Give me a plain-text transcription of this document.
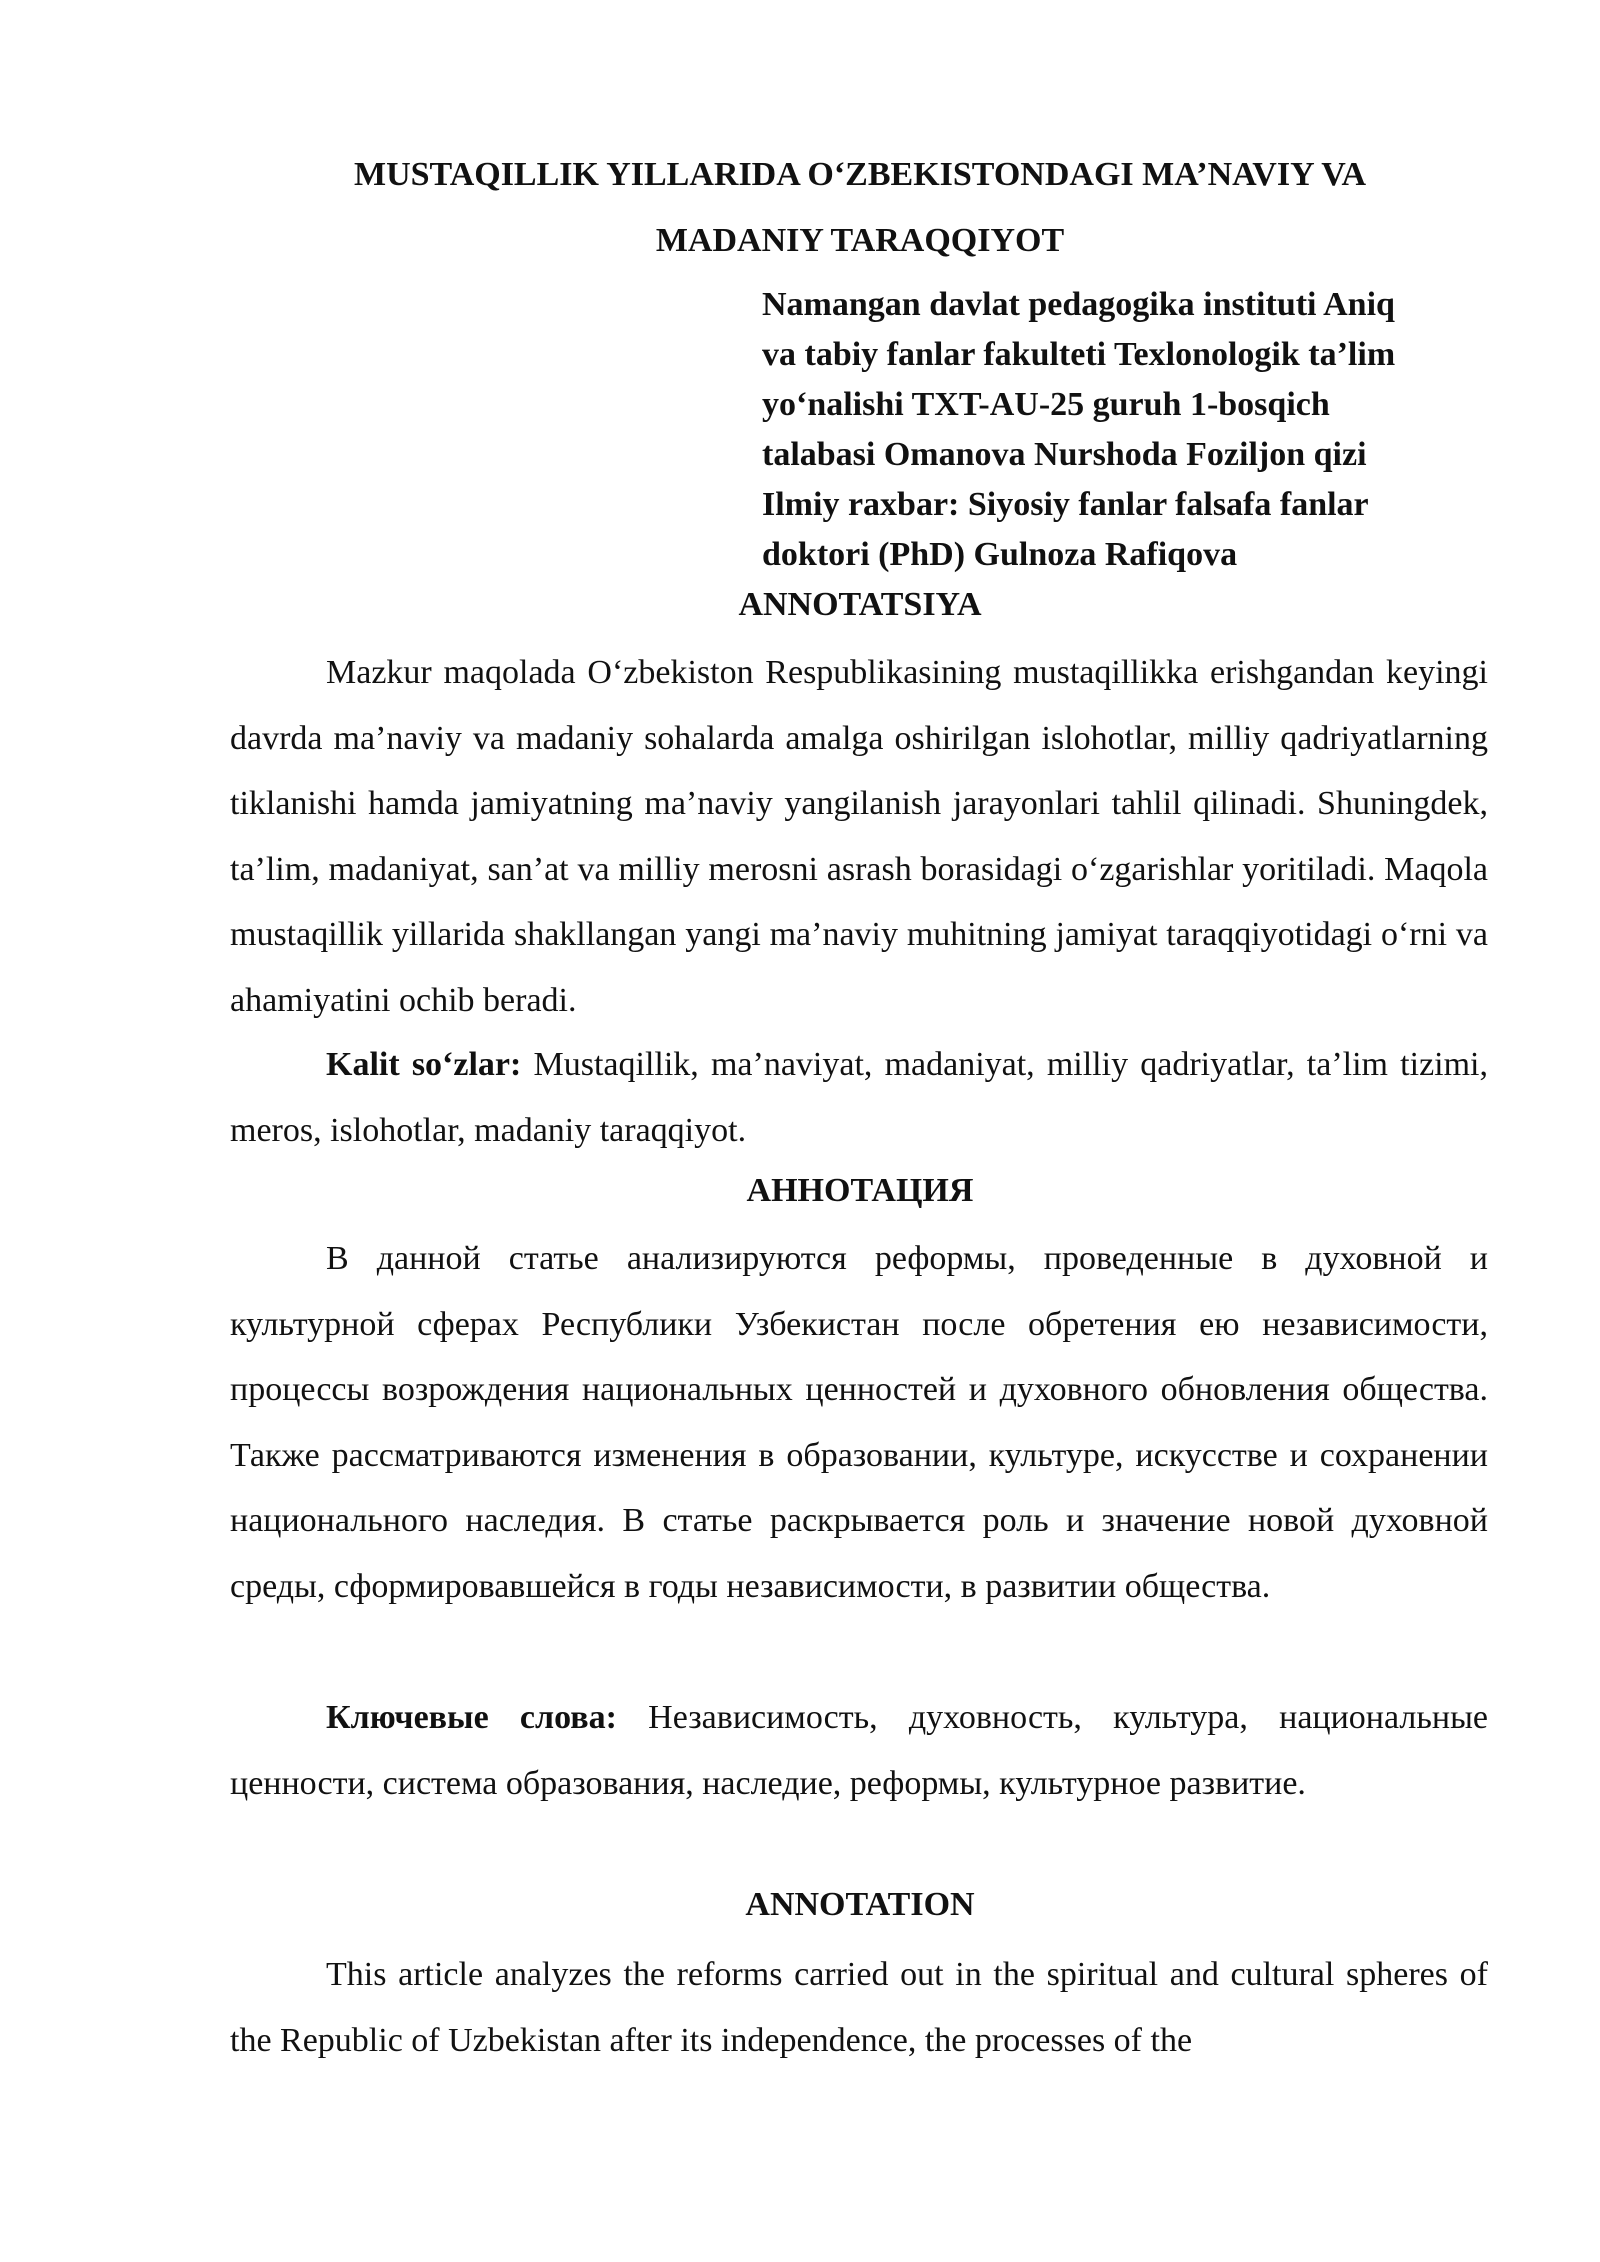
MUSTAQILLIK YILLARIDA O‘ZBEKISTONDAGI MA’NAVIY VA
MADANIY TARAQQIYOT
Namangan davlat pedagogika instituti Aniq
va tabiy fanlar fakulteti Texlonologik ta’lim
yo‘nalishi TXT-AU-25 guruh 1-bosqich
talabasi Omanova Nurshoda Foziljon qizi
Ilmiy raxbar: Siyosiy fanlar falsafa fanlar
doktori (PhD) Gulnoza Rafiqova
ANNOTATSIYA

Mazkur maqolada O‘zbekiston Respublikasining mustaqillikka erishgandan keyingi davrda ma’naviy va madaniy sohalarda amalga oshirilgan islohotlar, milliy qadriyatlarning tiklanishi hamda jamiyatning ma’naviy yangilanish jarayonlari tahlil qilinadi. Shuningdek, ta’lim, madaniyat, san’at va milliy merosni asrash borasidagi o‘zgarishlar yoritiladi. Maqola mustaqillik yillarida shakllangan yangi ma’naviy muhitning jamiyat taraqqiyotidagi o‘rni va ahamiyatini ochib beradi.

Kalit so‘zlar: Mustaqillik, ma’naviyat, madaniyat, milliy qadriyatlar, ta’lim tizimi, meros, islohotlar, madaniy taraqqiyot.

АННОТАЦИЯ

В данной статье анализируются реформы, проведенные в духовной и культурной сферах Республики Узбекистан после обретения ею независимости, процессы возрождения национальных ценностей и духовного обновления общества. Также рассматриваются изменения в образовании, культуре, искусстве и сохранении национального наследия. В статье раскрывается роль и значение новой духовной среды, сформировавшейся в годы независимости, в развитии общества.

Ключевые слова: Независимость, духовность, культура, национальные ценности, система образования, наследие, реформы, культурное развитие.

ANNOTATION

This article analyzes the reforms carried out in the spiritual and cultural spheres of the Republic of Uzbekistan after its independence, the processes of the
